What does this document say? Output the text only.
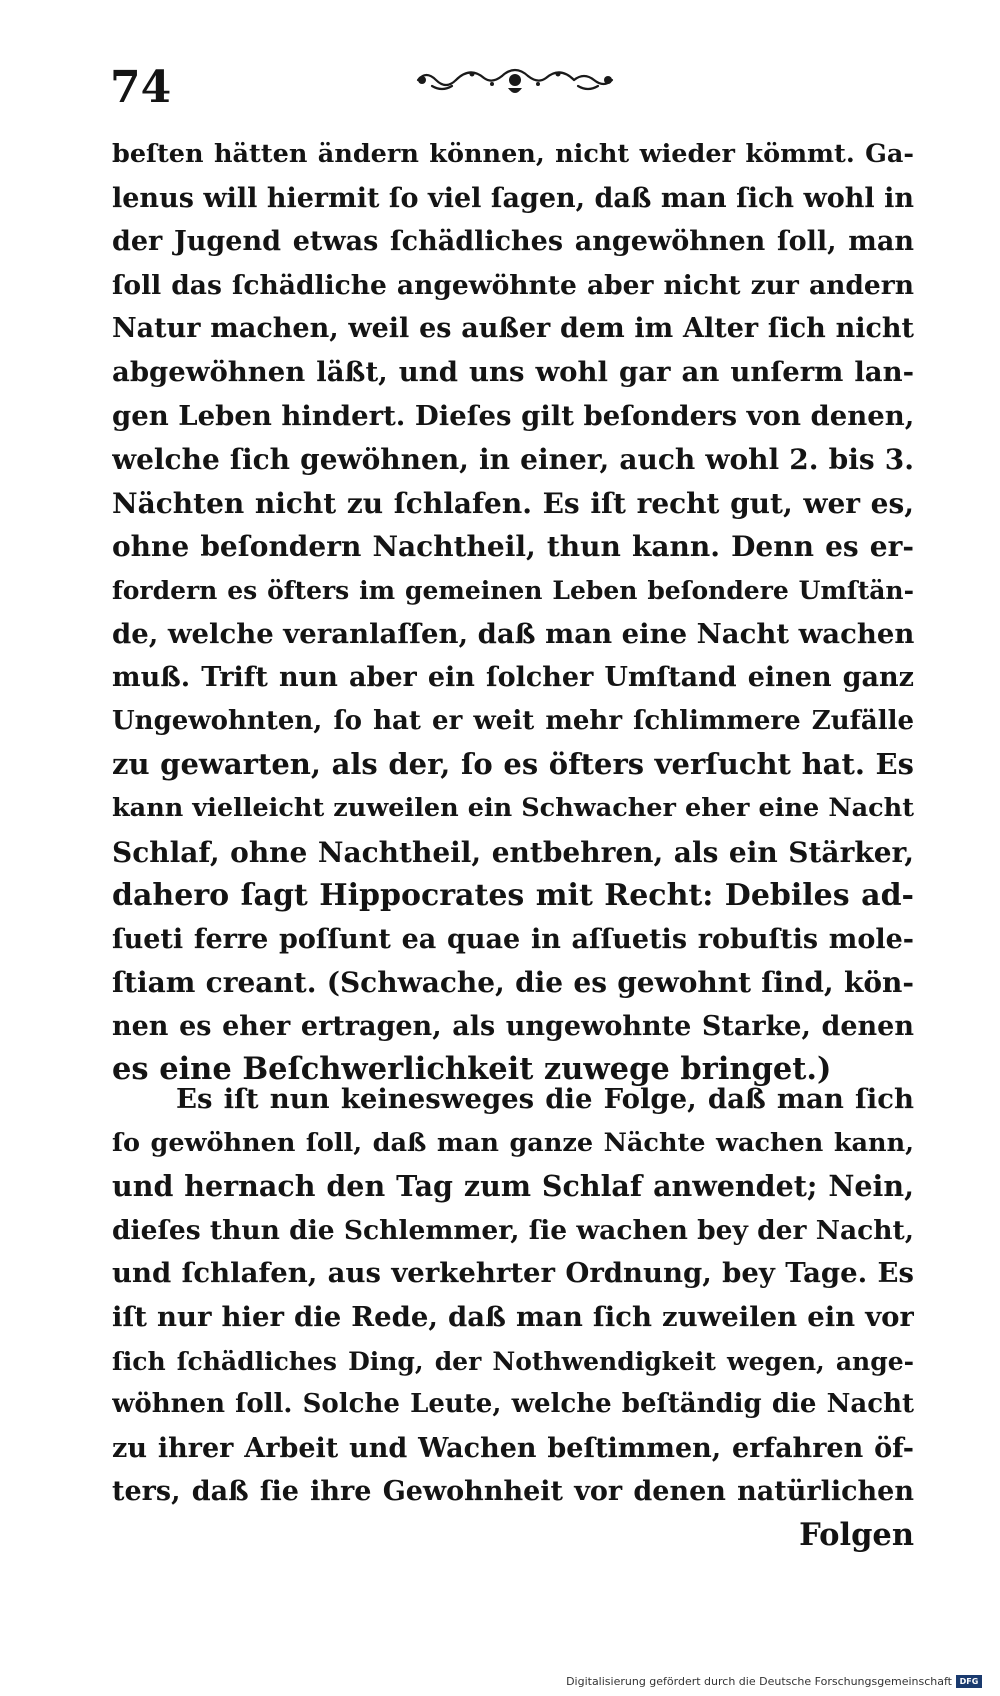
74
beſten hätten ändern können, nicht wieder kömmt. Ga-
lenus will hiermit ſo viel ſagen, daß man ſich wohl in
der Jugend etwas ſchädliches angewöhnen ſoll, man
ſoll das ſchädliche angewöhnte aber nicht zur andern
Natur machen, weil es außer dem im Alter ſich nicht
abgewöhnen läßt, und uns wohl gar an unſerm lan-
gen Leben hindert. Dieſes gilt beſonders von denen,
welche ſich gewöhnen, in einer, auch wohl 2. bis 3.
Nächten nicht zu ſchlafen. Es iſt recht gut, wer es,
ohne beſondern Nachtheil, thun kann. Denn es er-
fordern es öfters im gemeinen Leben beſondere Umſtän-
de, welche veranlaſſen, daß man eine Nacht wachen
muß. Trift nun aber ein ſolcher Umſtand einen ganz
Ungewohnten, ſo hat er weit mehr ſchlimmere Zufälle
zu gewarten, als der, ſo es öfters verſucht hat. Es
kann vielleicht zuweilen ein Schwacher eher eine Nacht
Schlaf, ohne Nachtheil, entbehren, als ein Stärker,
dahero ſagt Hippocrates mit Recht: Debiles ad-
ſueti ferre poſſunt ea quae in aſſuetis robuſtis mole-
ſtiam creant. (Schwache, die es gewohnt ſind, kön-
nen es eher ertragen, als ungewohnte Starke, denen
es eine Beſchwerlichkeit zuwege bringet.)
Es iſt nun keinesweges die Folge, daß man ſich
ſo gewöhnen ſoll, daß man ganze Nächte wachen kann,
und hernach den Tag zum Schlaf anwendet; Nein,
dieſes thun die Schlemmer, ſie wachen bey der Nacht,
und ſchlafen, aus verkehrter Ordnung, bey Tage. Es
iſt nur hier die Rede, daß man ſich zuweilen ein vor
ſich ſchädliches Ding, der Nothwendigkeit wegen, ange-
wöhnen ſoll. Solche Leute, welche beſtändig die Nacht
zu ihrer Arbeit und Wachen beſtimmen, erfahren öf-
ters, daß ſie ihre Gewohnheit vor denen natürlichen
Folgen
Digitalisierung gefördert durch die Deutsche Forschungsgemeinschaft DFG
